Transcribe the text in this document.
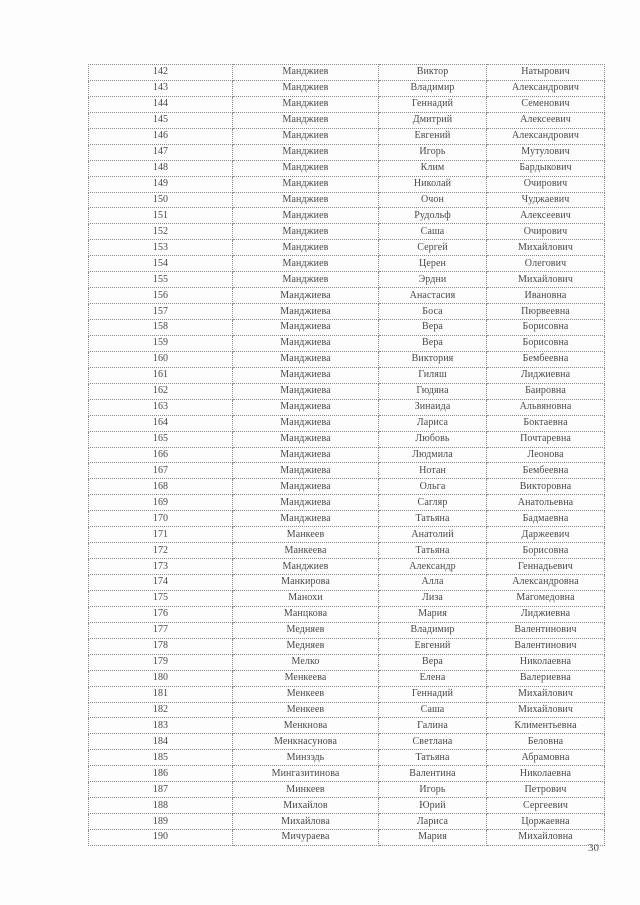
142	Манджиев	Виктор	Натырович
143	Манджиев	Владимир	Александрович
144	Манджиев	Геннадий	Семенович
145	Манджиев	Дмитрий	Алексеевич
146	Манджиев	Евгений	Александрович
147	Манджиев	Игорь	Мутулович
148	Манджиев	Клим	Бардыкович
149	Манджиев	Николай	Очирович
150	Манджиев	Очон	Чуджаевич
151	Манджиев	Рудольф	Алексеевич
152	Манджиев	Саша	Очирович
153	Манджиев	Сергей	Михайлович
154	Манджиев	Церен	Олегович
155	Манджиев	Эрдни	Михайлович
156	Манджиева	Анастасия	Ивановна
157	Манджиева	Боса	Пюрвеевна
158	Манджиева	Вера	Борисовна
159	Манджиева	Вера	Борисовна
160	Манджиева	Виктория	Бембеевна
161	Манджиева	Гиляш	Лиджиевна
162	Манджиева	Гюдяна	Баировна
163	Манджиева	Зинаида	Альвяновна
164	Манджиева	Лариса	Боктаевна
165	Манджиева	Любовь	Почтаревна
166	Манджиева	Людмила	Леонова
167	Манджиева	Нотан	Бембеевна
168	Манджиева	Ольга	Викторовна
169	Манджиева	Сагляр	Анатольевна
170	Манджиева	Татьяна	Бадмаевна
171	Манкеев	Анатолий	Даржеевич
172	Манкеева	Татьяна	Борисовна
173	Манджиев	Александр	Геннадьевич
174	Манкирова	Алла	Александровна
175	Манохи	Лиза	Магомедовна
176	Манцкова	Мария	Лиджиевна
177	Медняев	Владимир	Валентинович
178	Медняев	Евгений	Валентинович
179	Мелко	Вера	Николаевна
180	Менкеева	Елена	Валериевна
181	Менкеев	Геннадий	Михайлович
182	Менкеев	Саша	Михайлович
183	Менкнова	Галина	Климентьевна
184	Менкнасунова	Светлана	Беловна
185	Минзэдь	Татьяна	Абрамовна
186	Мингазитинова	Валентина	Николаевна
187	Минкеев	Игорь	Петрович
188	Михайлов	Юрий	Сергеевич
189	Михайлова	Лариса	Цоржаевна
190	Мичураева	Мария	Михайловна
30
